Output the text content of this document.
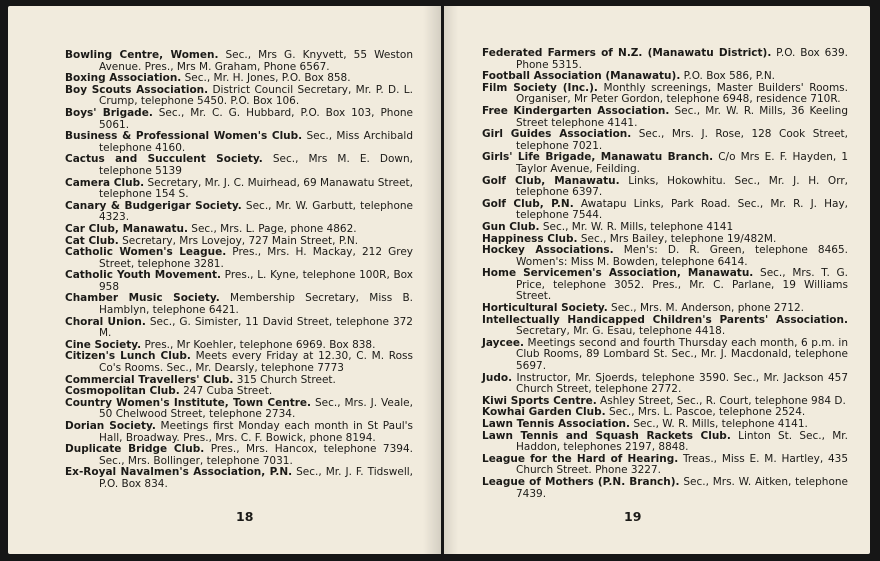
Bowling Centre, Women. Sec., Mrs G. Knyvett, 55 Weston Avenue. Pres., Mrs M. Graham, Phone 6567.
Boxing Association. Sec., Mr. H. Jones, P.O. Box 858.
Boy Scouts Association. District Council Secretary, Mr. P. D. L. Crump, telephone 5450. P.O. Box 106.
Boys' Brigade. Sec., Mr. C. G. Hubbard, P.O. Box 103, Phone 5061.
Business & Professional Women's Club. Sec., Miss Archibald telephone 4160.
Cactus and Succulent Society. Sec., Mrs M. E. Down, telephone 5139
Camera Club. Secretary, Mr. J. C. Muirhead, 69 Manawatu Street, telephone 154 S.
Canary & Budgerigar Society. Sec., Mr. W. Garbutt, telephone 4323.
Car Club, Manawatu. Sec., Mrs. L. Page, phone 4862.
Cat Club. Secretary, Mrs Lovejoy, 727 Main Street, P.N.
Catholic Women's League. Pres., Mrs. H. Mackay, 212 Grey Street, telephone 3281.
Catholic Youth Movement. Pres., L. Kyne, telephone 100R, Box 958
Chamber Music Society. Membership Secretary, Miss B. Hamblyn, telephone 6421.
Choral Union. Sec., G. Simister, 11 David Street, telephone 372 M.
Cine Society. Pres., Mr Koehler, telephone 6969. Box 838.
Citizen's Lunch Club. Meets every Friday at 12.30, C. M. Ross Co's Rooms. Sec., Mr. Dearsly, telephone 7773
Commercial Travellers' Club. 315 Church Street.
Cosmopolitan Club. 247 Cuba Street.
Country Women's Institute, Town Centre. Sec., Mrs. J. Veale, 50 Chelwood Street, telephone 2734.
Dorian Society. Meetings first Monday each month in St Paul's Hall, Broadway. Pres., Mrs. C. F. Bowick, phone 8194.
Duplicate Bridge Club. Pres., Mrs. Hancox, telephone 7394. Sec., Mrs. Bollinger, telephone 7031.
Ex-Royal Navalmen's Association, P.N. Sec., Mr. J. F. Tidswell, P.O. Box 834.
18
Federated Farmers of N.Z. (Manawatu District). P.O. Box 639. Phone 5315.
Football Association (Manawatu). P.O. Box 586, P.N.
Film Society (Inc.). Monthly screenings, Master Builders' Rooms. Organiser, Mr Peter Gordon, telephone 6948, residence 710R.
Free Kindergarten Association. Sec., Mr. W. R. Mills, 36 Keeling Street telephone 4141.
Girl Guides Association. Sec., Mrs. J. Rose, 128 Cook Street, telephone 7021.
Girls' Life Brigade, Manawatu Branch. C/o Mrs E. F. Hayden, 1 Taylor Avenue, Feilding.
Golf Club, Manawatu. Links, Hokowhitu. Sec., Mr. J. H. Orr, telephone 6397.
Golf Club, P.N. Awatapu Links, Park Road. Sec., Mr. R. J. Hay, telephone 7544.
Gun Club. Sec., Mr. W. R. Mills, telephone 4141
Happiness Club. Sec., Mrs Bailey, telephone 19/482M.
Hockey Associations. Men's: D. R. Green, telephone 8465. Women's: Miss M. Bowden, telephone 6414.
Home Servicemen's Association, Manawatu. Sec., Mrs. T. G. Price, telephone 3052. Pres., Mr. C. Parlane, 19 Williams Street.
Horticultural Society. Sec., Mrs. M. Anderson, phone 2712.
Intellectually Handicapped Children's Parents' Association. Secretary, Mr. G. Esau, telephone 4418.
Jaycee. Meetings second and fourth Thursday each month, 6 p.m. in Club Rooms, 89 Lombard St. Sec., Mr. J. Macdonald, telephone 5697.
Judo. Instructor, Mr. Sjoerds, telephone 3590. Sec., Mr. Jackson 457 Church Street, telephone 2772.
Kiwi Sports Centre. Ashley Street, Sec., R. Court, telephone 984 D.
Kowhai Garden Club. Sec., Mrs. L. Pascoe, telephone 2524.
Lawn Tennis Association. Sec., W. R. Mills, telephone 4141.
Lawn Tennis and Squash Rackets Club. Linton St. Sec., Mr. Haddon, telephones 2197, 8848.
League for the Hard of Hearing. Treas., Miss E. M. Hartley, 435 Church Street. Phone 3227.
League of Mothers (P.N. Branch). Sec., Mrs. W. Aitken, telephone 7439.
19
